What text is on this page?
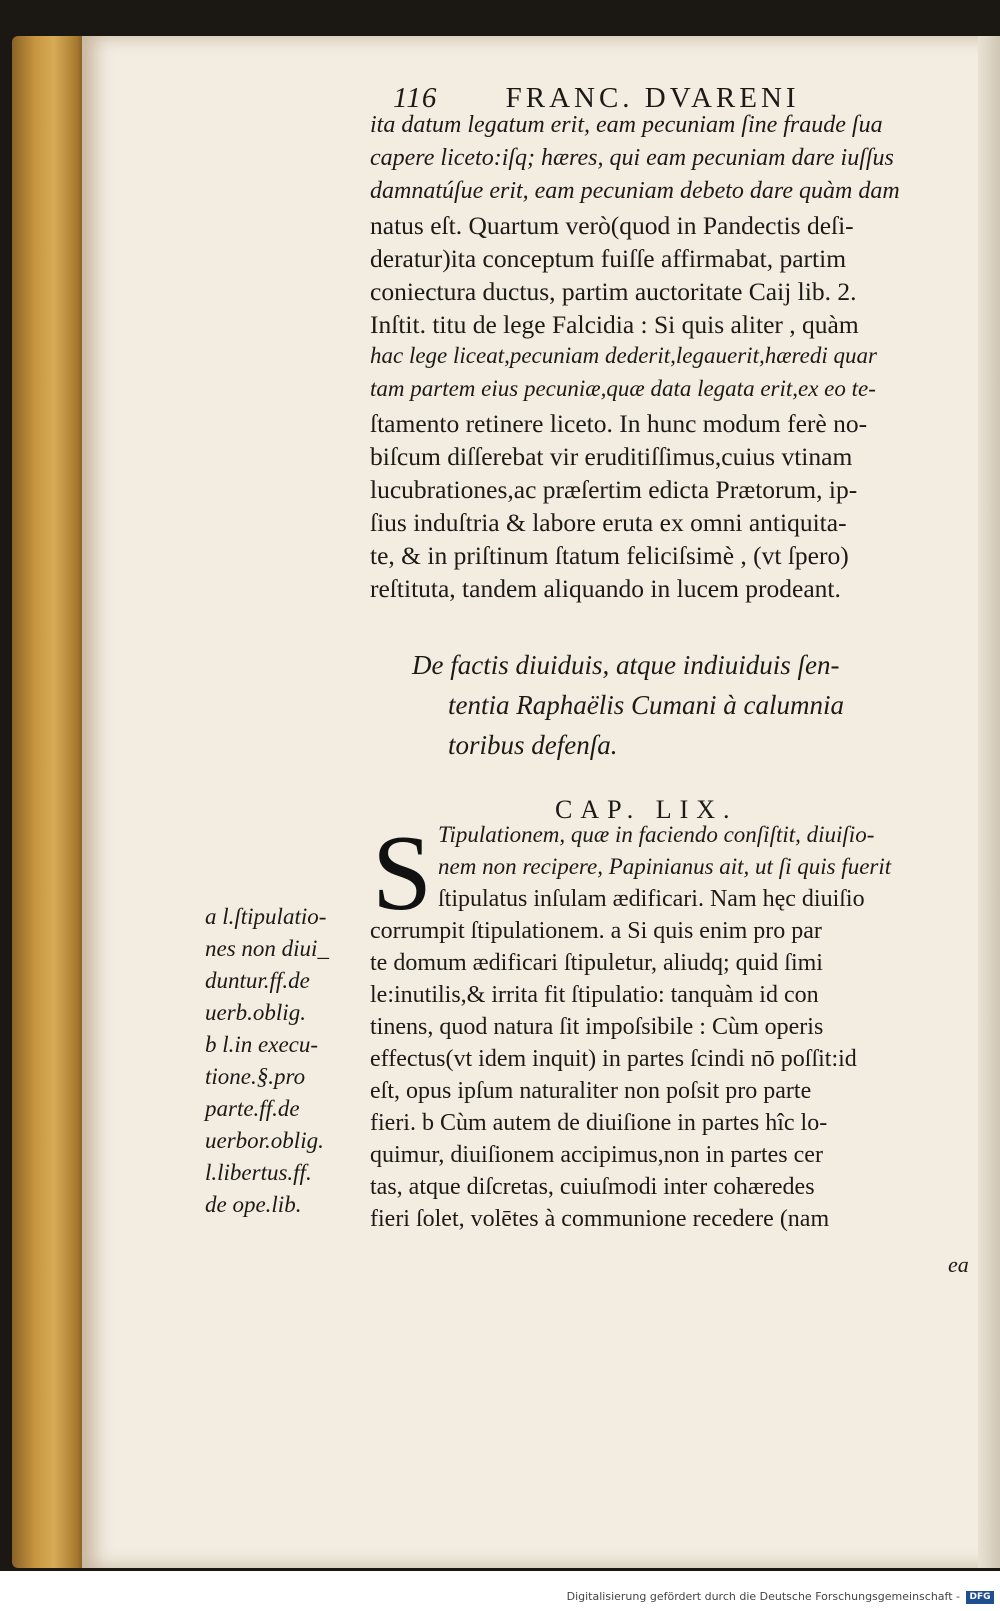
116 FRANC. DVARENI
ita datum legatum erit, eam pecuniam ſine fraude ſua
capere liceto:iſq; hæres, qui eam pecuniam dare iuſſus
damnatúſue erit, eam pecuniam debeto dare quàm dam
natus eſt. Quartum verò(quod in Pandectis deſi-
deratur)ita conceptum fuiſſe affirmabat, partim
coniectura ductus, partim auctoritate Caij lib. 2.
Inſtit. titu de lege Falcidia : Si quis aliter , quàm
hac lege liceat,pecuniam dederit,legauerit,hæredi quar
tam partem eius pecuniæ,quæ data legata erit,ex eo te-
ſtamento retinere liceto. In hunc modum ferè no-
biſcum diſſerebat vir eruditiſſimus,cuius vtinam
lucubrationes,ac præſertim edicta Prætorum, ip-
ſius induſtria & labore eruta ex omni antiquita-
te, & in priſtinum ſtatum feliciſsimè , (vt ſpero)
reſtituta, tandem aliquando in lucem prodeant.
De factis diuiduis, atque indiuiduis ſen-
tentia Raphaëlis Cumani à calumnia
toribus defenſa.
CAP. LIX.
S Tipulationem, quæ in faciendo conſiſtit, diuiſio-
nem non recipere, Papinianus ait, ut ſi quis fuerit
ſtipulatus inſulam ædificari. Nam hęc diuiſio
corrumpit ſtipulationem. a Si quis enim pro par
te domum ædificari ſtipuletur, aliudq; quid ſimi
le:inutilis,& irrita fit ſtipulatio: tanquàm id con
tinens, quod natura ſit impoſsibile : Cùm operis
effectus(vt idem inquit) in partes ſcindi nō poſſit:id
eſt, opus ipſum naturaliter non poſsit pro parte
fieri. b Cùm autem de diuiſione in partes hîc lo-
quimur, diuiſionem accipimus,non in partes cer
tas, atque diſcretas, cuiuſmodi inter cohæredes
fieri ſolet, volētes à communione recedere (nam
a l.ſtipulatio-
nes non diui_
duntur.ff.de
uerb.oblig.
b l.in execu-
tione.§.pro
parte.ff.de
uerbor.oblig.
l.libertus.ff.
de ope.lib.
ea
Digitalisierung gefördert durch die Deutsche Forschungsgemeinschaft -	DFG
